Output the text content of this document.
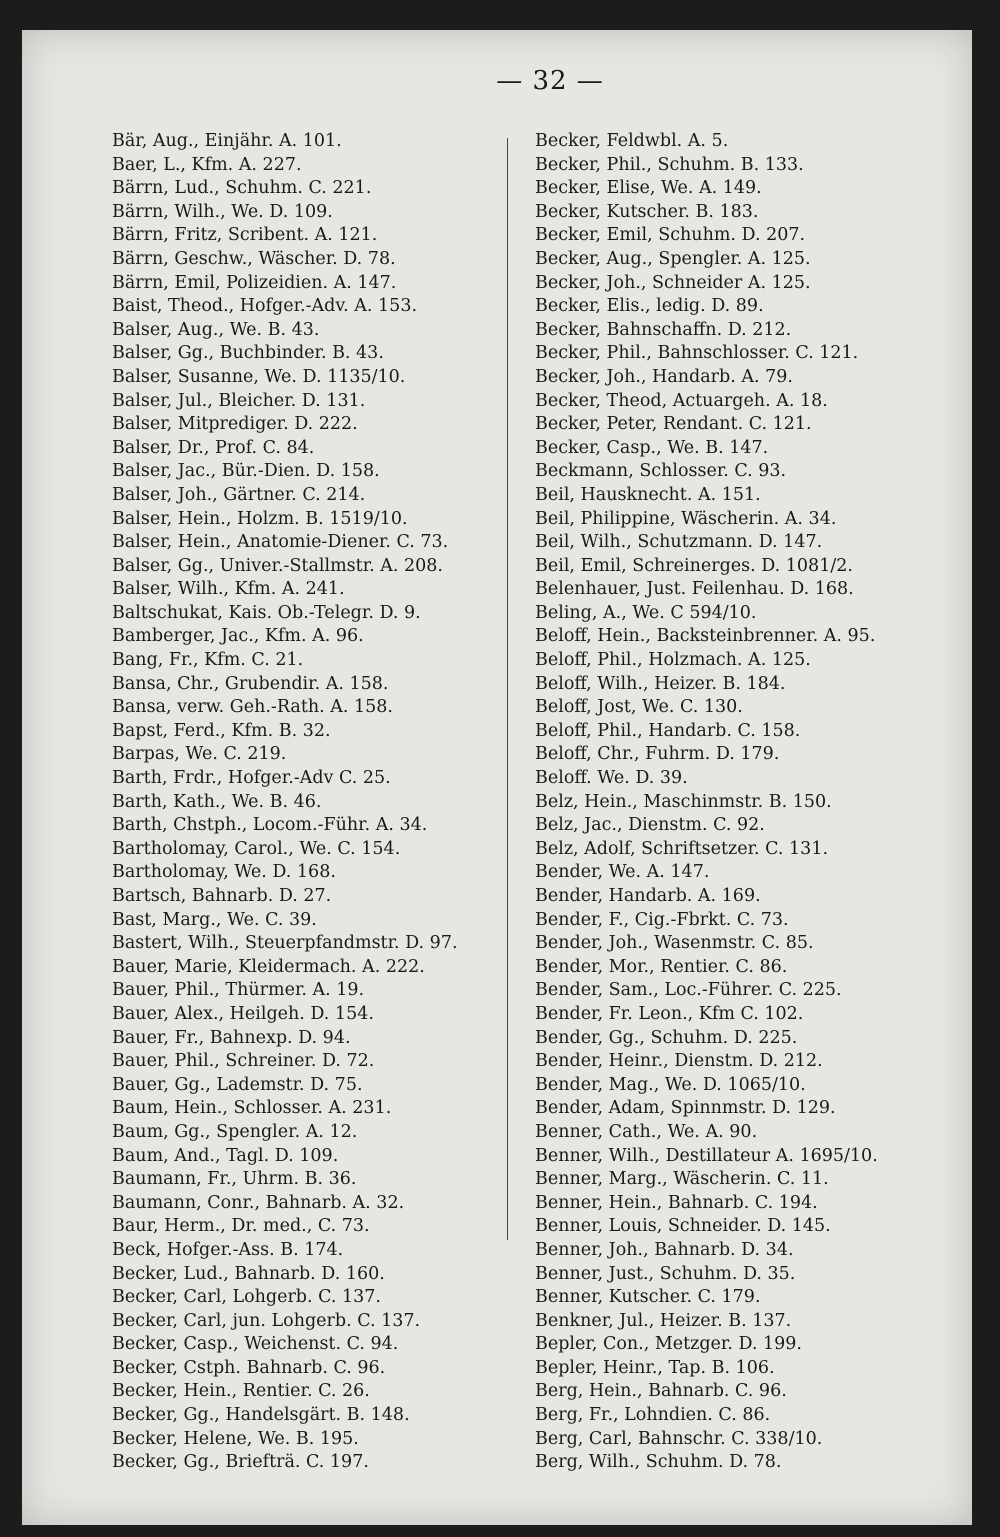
— 32 —
Bär, Aug., Einjähr. A. 101.
Baer, L., Kfm. A. 227.
Bärrn, Lud., Schuhm. C. 221.
Bärrn, Wilh., We. D. 109.
Bärrn, Fritz, Scribent. A. 121.
Bärrn, Geschw., Wäscher. D. 78.
Bärrn, Emil, Polizeidien. A. 147.
Baist, Theod., Hofger.-Adv. A. 153.
Balser, Aug., We. B. 43.
Balser, Gg., Buchbinder. B. 43.
Balser, Susanne, We. D. 1135/10.
Balser, Jul., Bleicher. D. 131.
Balser, Mitprediger. D. 222.
Balser, Dr., Prof. C. 84.
Balser, Jac., Bür.-Dien. D. 158.
Balser, Joh., Gärtner. C. 214.
Balser, Hein., Holzm. B. 1519/10.
Balser, Hein., Anatomie-Diener. C. 73.
Balser, Gg., Univer.-Stallmstr. A. 208.
Balser, Wilh., Kfm. A. 241.
Baltschukat, Kais. Ob.-Telegr. D. 9.
Bamberger, Jac., Kfm. A. 96.
Bang, Fr., Kfm. C. 21.
Bansa, Chr., Grubendir. A. 158.
Bansa, verw. Geh.-Rath. A. 158.
Bapst, Ferd., Kfm. B. 32.
Barpas, We. C. 219.
Barth, Frdr., Hofger.-Adv C. 25.
Barth, Kath., We. B. 46.
Barth, Chstph., Locom.-Führ. A. 34.
Bartholomay, Carol., We. C. 154.
Bartholomay, We. D. 168.
Bartsch, Bahnarb. D. 27.
Bast, Marg., We. C. 39.
Bastert, Wilh., Steuerpfandmstr. D. 97.
Bauer, Marie, Kleidermach. A. 222.
Bauer, Phil., Thürmer. A. 19.
Bauer, Alex., Heilgeh. D. 154.
Bauer, Fr., Bahnexp. D. 94.
Bauer, Phil., Schreiner. D. 72.
Bauer, Gg., Lademstr. D. 75.
Baum, Hein., Schlosser. A. 231.
Baum, Gg., Spengler. A. 12.
Baum, And., Tagl. D. 109.
Baumann, Fr., Uhrm. B. 36.
Baumann, Conr., Bahnarb. A. 32.
Baur, Herm., Dr. med., C. 73.
Beck, Hofger.-Ass. B. 174.
Becker, Lud., Bahnarb. D. 160.
Becker, Carl, Lohgerb. C. 137.
Becker, Carl, jun. Lohgerb. C. 137.
Becker, Casp., Weichenst. C. 94.
Becker, Cstph. Bahnarb. C. 96.
Becker, Hein., Rentier. C. 26.
Becker, Gg., Handelsgärt. B. 148.
Becker, Helene, We. B. 195.
Becker, Gg., Briefträ. C. 197.
Becker, Feldwbl. A. 5.
Becker, Phil., Schuhm. B. 133.
Becker, Elise, We. A. 149.
Becker, Kutscher. B. 183.
Becker, Emil, Schuhm. D. 207.
Becker, Aug., Spengler. A. 125.
Becker, Joh., Schneider A. 125.
Becker, Elis., ledig. D. 89.
Becker, Bahnschaffn. D. 212.
Becker, Phil., Bahnschlosser. C. 121.
Becker, Joh., Handarb. A. 79.
Becker, Theod, Actuargeh. A. 18.
Becker, Peter, Rendant. C. 121.
Becker, Casp., We. B. 147.
Beckmann, Schlosser. C. 93.
Beil, Hausknecht. A. 151.
Beil, Philippine, Wäscherin. A. 34.
Beil, Wilh., Schutzmann. D. 147.
Beil, Emil, Schreinerges. D. 1081/2.
Belenhauer, Just. Feilenhau. D. 168.
Beling, A., We. C 594/10.
Beloff, Hein., Backsteinbrenner. A. 95.
Beloff, Phil., Holzmach. A. 125.
Beloff, Wilh., Heizer. B. 184.
Beloff, Jost, We. C. 130.
Beloff, Phil., Handarb. C. 158.
Beloff, Chr., Fuhrm. D. 179.
Beloff. We. D. 39.
Belz, Hein., Maschinmstr. B. 150.
Belz, Jac., Dienstm. C. 92.
Belz, Adolf, Schriftsetzer. C. 131.
Bender, We. A. 147.
Bender, Handarb. A. 169.
Bender, F., Cig.-Fbrkt. C. 73.
Bender, Joh., Wasenmstr. C. 85.
Bender, Mor., Rentier. C. 86.
Bender, Sam., Loc.-Führer. C. 225.
Bender, Fr. Leon., Kfm C. 102.
Bender, Gg., Schuhm. D. 225.
Bender, Heinr., Dienstm. D. 212.
Bender, Mag., We. D. 1065/10.
Bender, Adam, Spinnmstr. D. 129.
Benner, Cath., We. A. 90.
Benner, Wilh., Destillateur A. 1695/10.
Benner, Marg., Wäscherin. C. 11.
Benner, Hein., Bahnarb. C. 194.
Benner, Louis, Schneider. D. 145.
Benner, Joh., Bahnarb. D. 34.
Benner, Just., Schuhm. D. 35.
Benner, Kutscher. C. 179.
Benkner, Jul., Heizer. B. 137.
Bepler, Con., Metzger. D. 199.
Bepler, Heinr., Tap. B. 106.
Berg, Hein., Bahnarb. C. 96.
Berg, Fr., Lohndien. C. 86.
Berg, Carl, Bahnschr. C. 338/10.
Berg, Wilh., Schuhm. D. 78.
